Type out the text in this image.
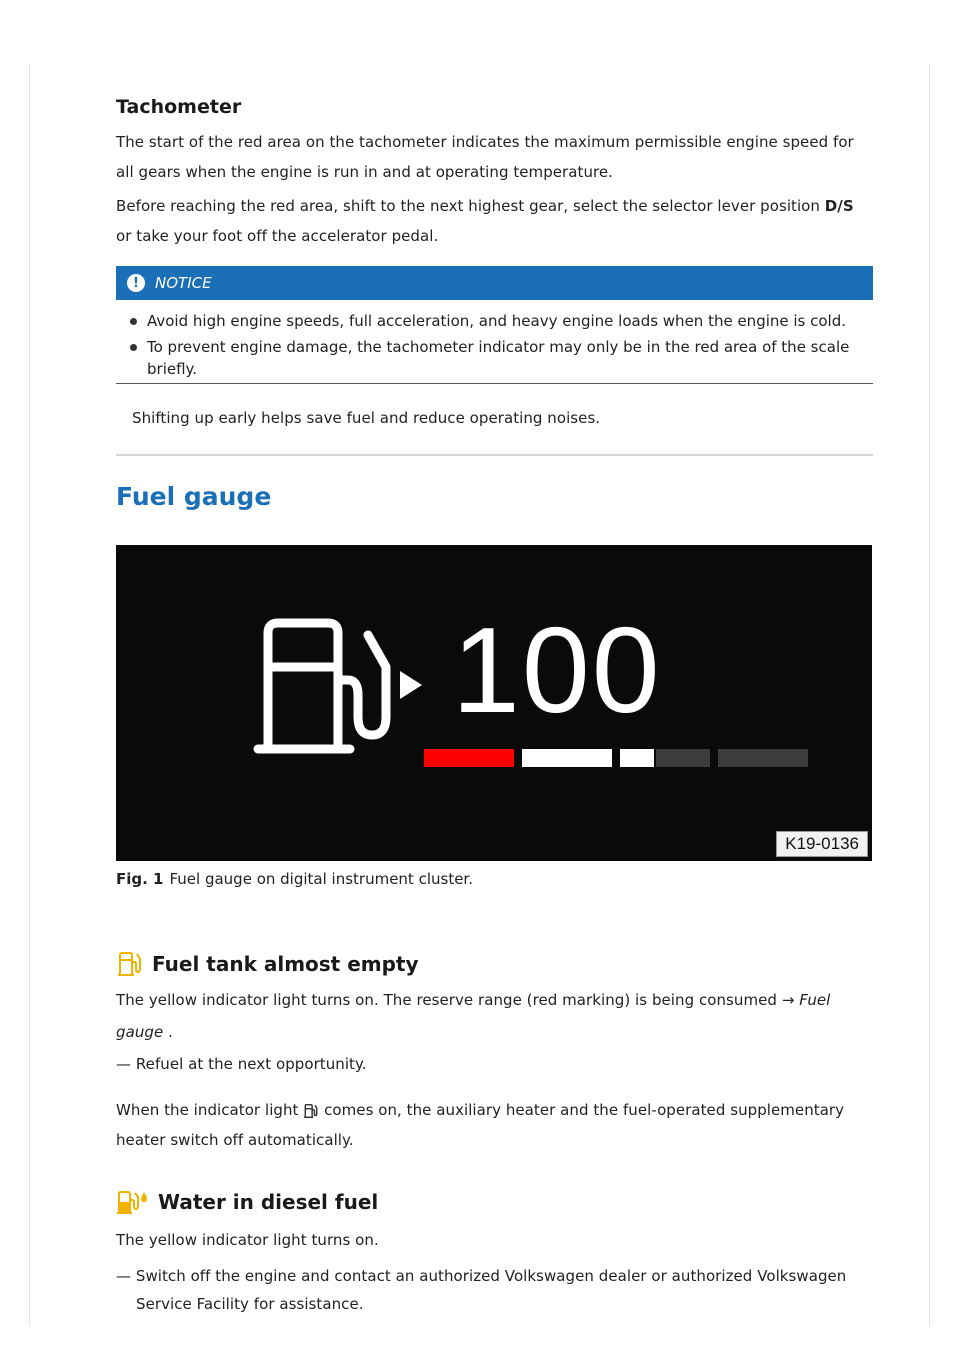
Tachometer

The start of the red area on the tachometer indicates the maximum permissible engine speed for

all gears when the engine is run in and at operating temperature.

Before reaching the red area, shift to the next highest gear, select the selector lever position D/S

or take your foot off the accelerator pedal.

!	NOTICE
Avoid high engine speeds, full acceleration, and heavy engine loads when the engine is cold.
To prevent engine damage, the tachometer indicator may only be in the red area of the scale briefly.

Shifting up early helps save fuel and reduce operating noises.

Fuel gauge
100
K19-0136
Fig. 1 Fuel gauge on digital instrument cluster.
Fuel tank almost empty

The yellow indicator light turns on. The reserve range (red marking) is being consumed → Fuel gauge .

— Refuel at the next opportunity.

When the indicator light  comes on, the auxiliary heater and the fuel-operated supplementary

heater switch off automatically.

Water in diesel fuel

The yellow indicator light turns on.

— Switch off the engine and contact an authorized Volkswagen dealer or authorized Volkswagen

Service Facility for assistance.
